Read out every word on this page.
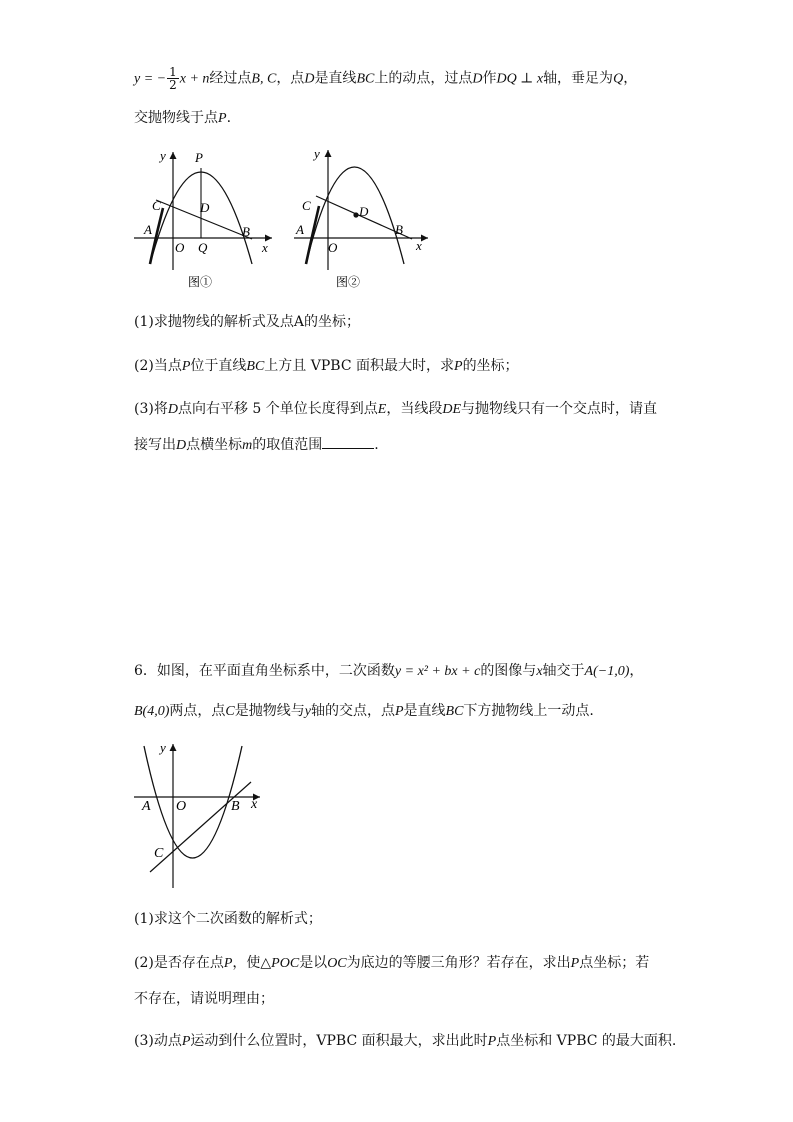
y = − $\frac{1}{2}$ x + n经过点B, C，点D是直线BC上的动点，过点D作DQ ⊥ x轴，垂足为Q，
交抛物线于点P.
y P
C	D
A
O Q
B
x
图①
y
C	D
A
O
B
x
图②
(1)求抛物线的解析式及点A的坐标；
(2)当点P位于直线BC上方且 VPBC 面积最大时，求P的坐标；
(3)将D点向右平移 5 个单位长度得到点E，当线段DE与抛物线只有一个交点时，请直
接写出D点横坐标m的取值范围	.
6．如图，在平面直角坐标系中，二次函数y = x² + bx + c的图像与x轴交于A(−1,0)，
B(4,0)两点，点C是抛物线与y轴的交点，点P是直线BC下方抛物线上一动点.
y
A O	B x
C
(1)求这个二次函数的解析式；
(2)是否存在点P，使△POC是以OC为底边的等腰三角形？若存在，求出P点坐标；若
不存在，请说明理由；
(3)动点P运动到什么位置时，VPBC 面积最大，求出此时P点坐标和 VPBC 的最大面积.
